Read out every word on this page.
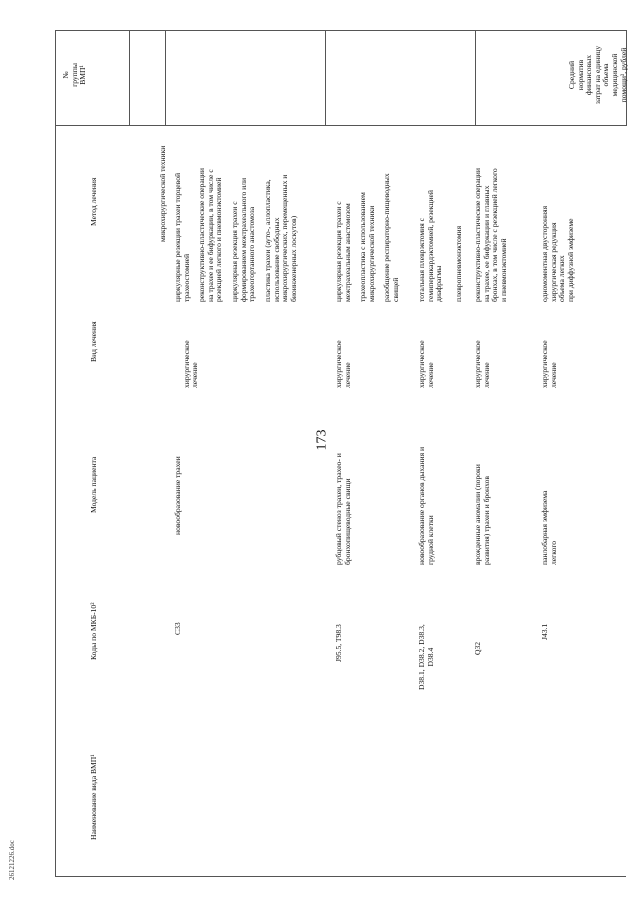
173
26121226.doc
№
группы
ВМП¹
Наименование вида ВМП¹
Коды по МКБ-10²
Модель пациента
Вид лечения
Метод лечения
Средний
норматив
финансовых
затрат на единицу
объема
медицинской
помощи³, рублей
микрохирургической техники
C33
новообразование трахеи

хирургическое
лечение

циркулярные резекции трахеи торцевой
трахеостомией реконструктивно-пластические операции
на трахее и ее бифуркации, в том числе с
резекцией легкого и пневмонэктомией
циркулярная резекция трахеи с
формированием межтрахеального или
трахеогортанного анастомоза
пластика трахеи (ауто-, аллопластика,
использование свободных
микрохирургических, перемещенных и
биоинженерных лоскутов)
J95.5, T98.3
рубцовый стеноз трахеи, трахео- и
бронхопищеводные свищи
хирургическое
лечение
циркулярная резекция трахеи с
межтрахеальным анастомозом
трахеопластика с использованием
микрохирургической техники
разобщение респираторно-пищеводных
свищей
D38.1, D38.2, D38.3,
D38.4
новообразование органов дыхания и
грудной клетки
хирургическое
лечение
тотальная плеврэктомия с
гемиперикардэктомией, резекцией
диафрагмы плевропневмонэктомия
Q32
врожденные аномалии (пороки
развития) трахеи и бронхов
хирургическое
лечение
реконструктивно-пластические операции
на трахее, ее бифуркации и главных
бронхах, в том числе с резекцией легкого
и пневмонэктомией
J43.1
панлобарная эмфизема легкого
хирургическое
лечение
одномоментная двусторонняя
хирургическая редукция объема легких
при диффузной эмфиземе
